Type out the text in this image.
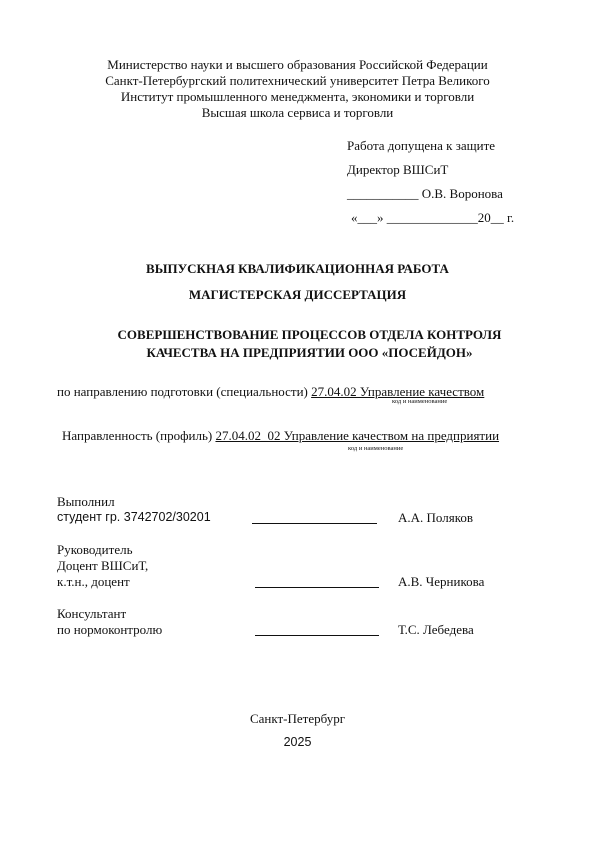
Министерство науки и высшего образования Российской Федерации
Санкт-Петербургский политехнический университет Петра Великого
Институт промышленного менеджмента, экономики и торговли
Высшая школа сервиса и торговли
Работа допущена к защите
Директор ВШСиТ
___________ О.В. Воронова
«___» ______________20__ г.
ВЫПУСКНАЯ КВАЛИФИКАЦИОННАЯ РАБОТА
МАГИСТЕРСКАЯ ДИССЕРТАЦИЯ
СОВЕРШЕНСТВОВАНИЕ ПРОЦЕССОВ ОТДЕЛА КОНТРОЛЯ
КАЧЕСТВА НА ПРЕДПРИЯТИИ ООО «ПОСЕЙДОН»
по направлению подготовки (специальности) 27.04.02 Управление качеством
код и наименование
Направленность (профиль) 27.04.02_02 Управление качеством на предприятии
код и наименование
Выполнил
студент гр. 3742702/30201	А.А. Поляков
Руководитель
Доцент ВШСиТ,
к.т.н., доцент	А.В. Черникова
Консультант
по нормоконтролю	Т.С. Лебедева
Санкт-Петербург
2025
